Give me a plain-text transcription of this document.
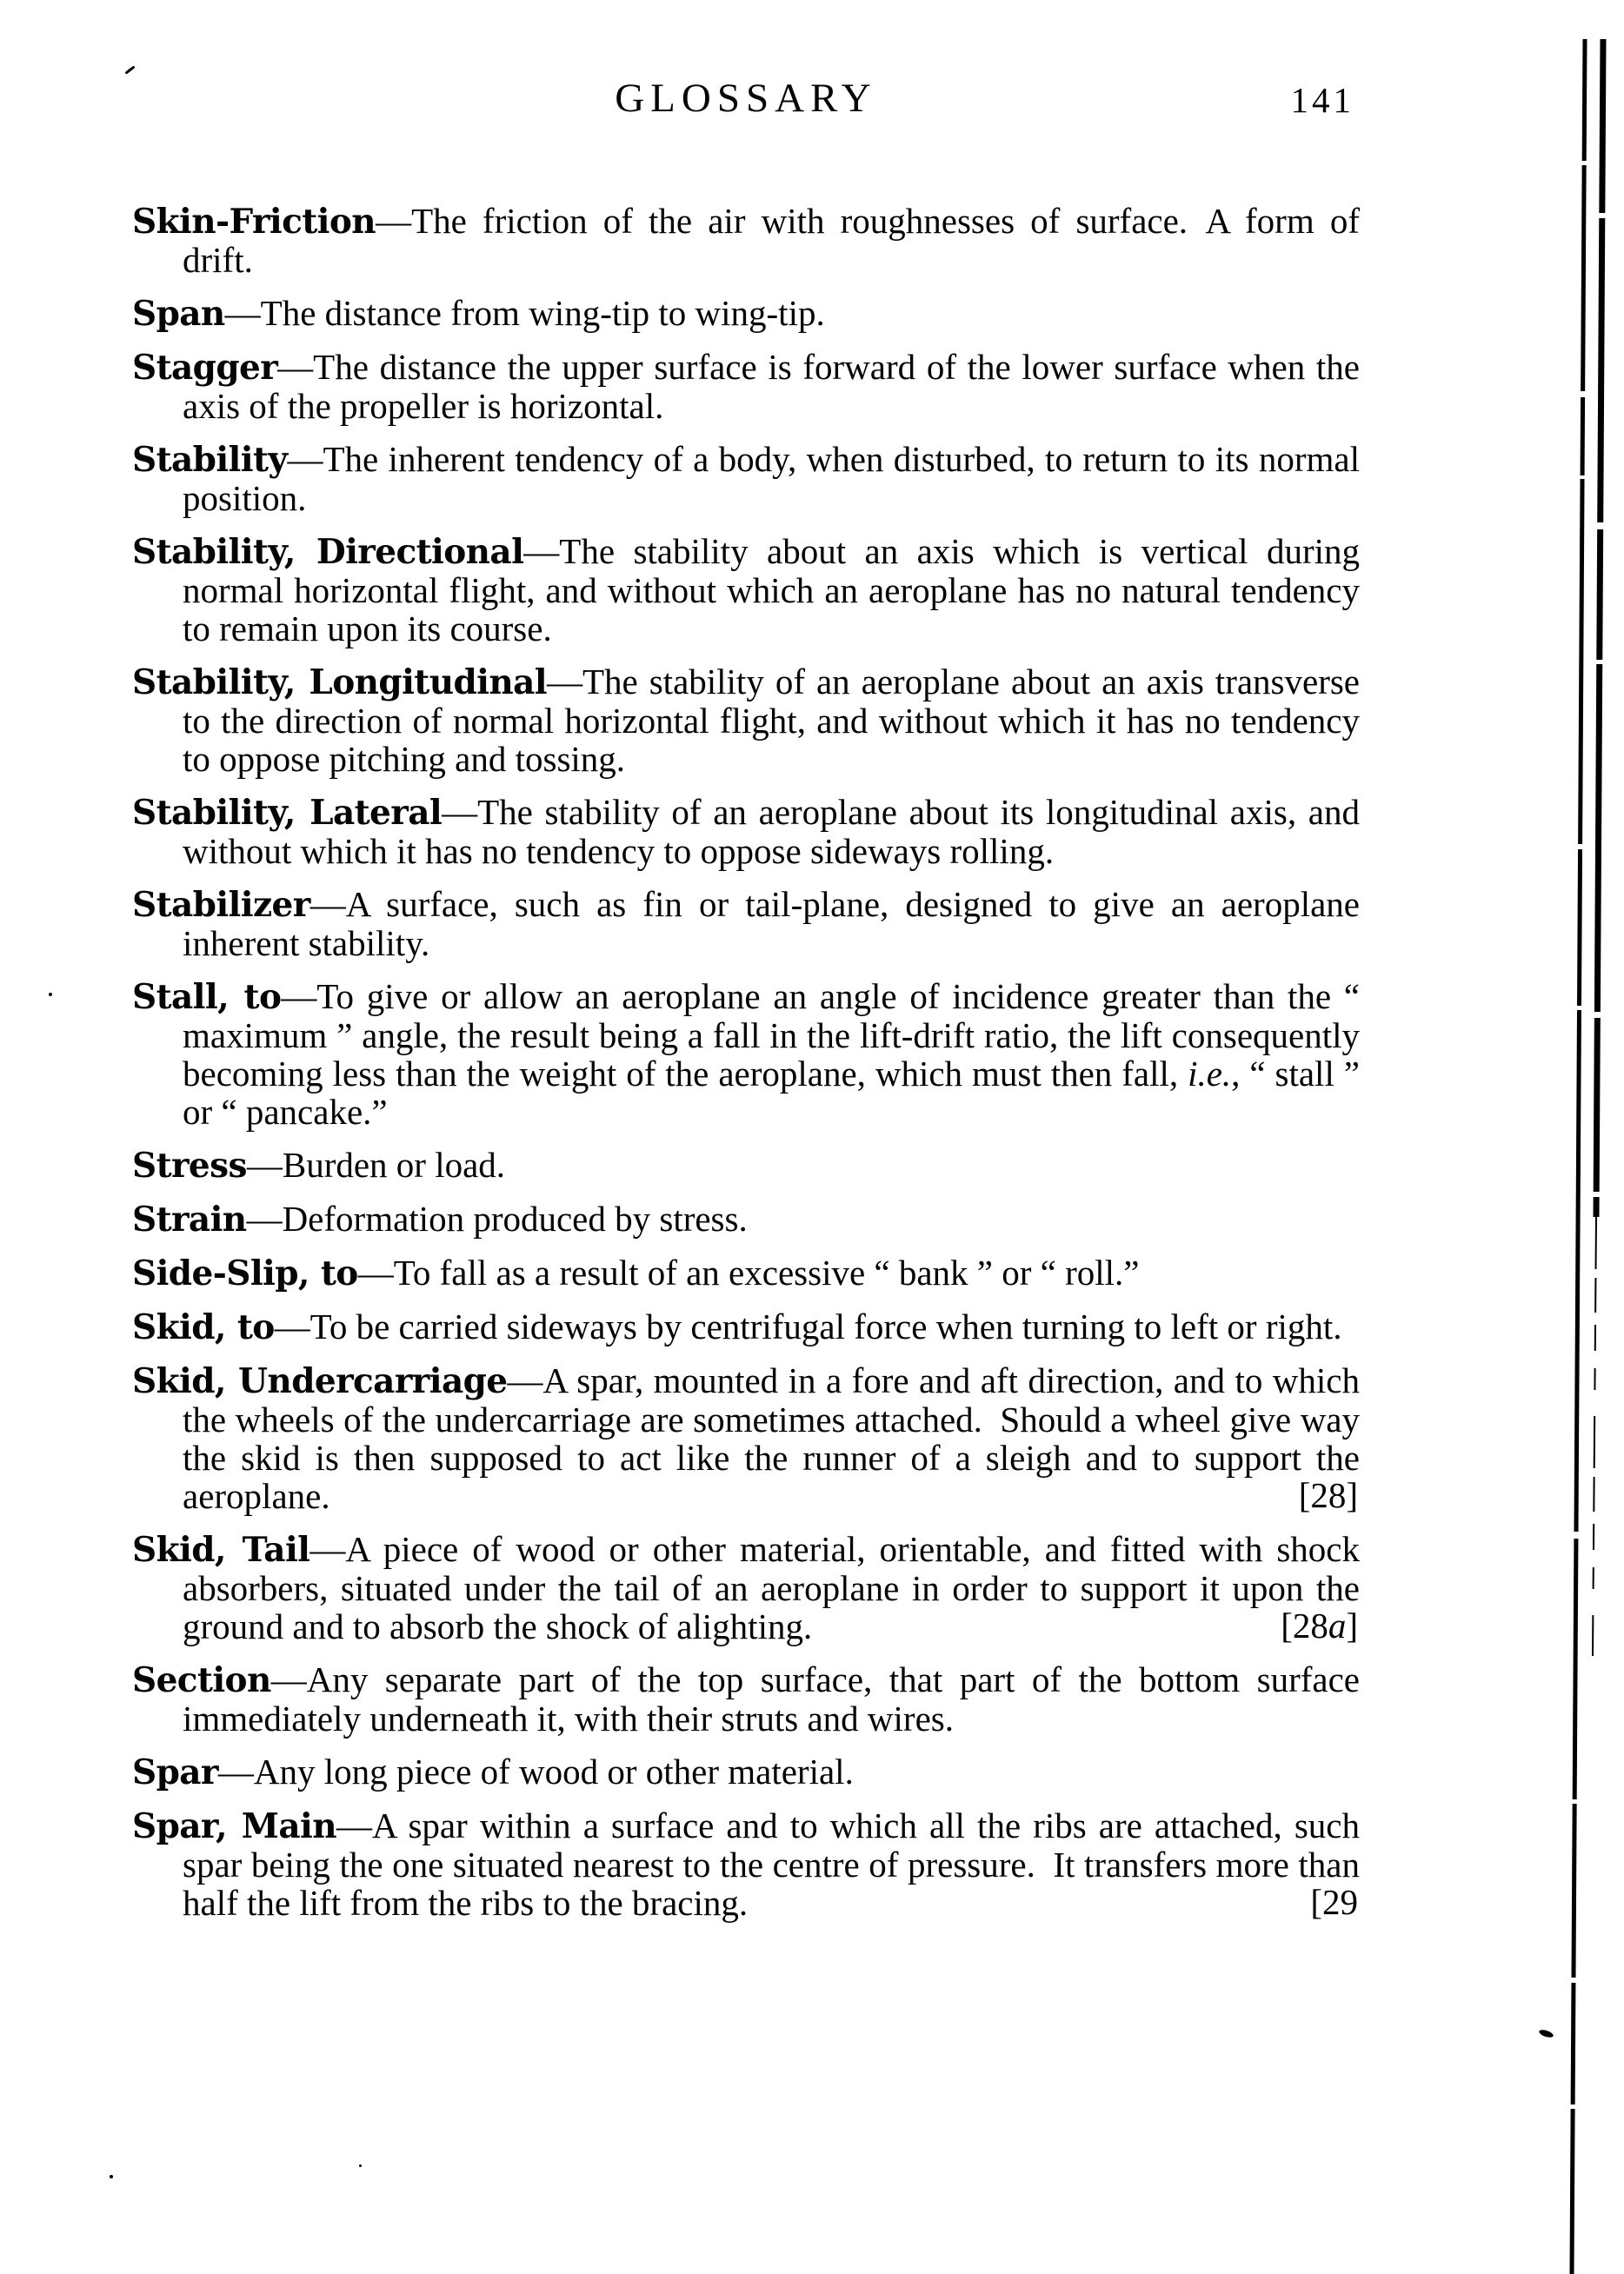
GLOSSARY	141

Skin-Friction—The friction of the air with roughnesses of surface. A form of drift.

Span—The distance from wing-tip to wing-tip.

Stagger—The distance the upper surface is forward of the lower surface when the axis of the propeller is horizontal.

Stability—The inherent tendency of a body, when disturbed, to return to its normal position.

Stability, Directional—The stability about an axis which is vertical during normal horizontal flight, and without which an aeroplane has no natural tendency to remain upon its course.

Stability, Longitudinal—The stability of an aeroplane about an axis transverse to the direction of normal horizontal flight, and without which it has no tendency to oppose pitching and tossing.

Stability, Lateral—The stability of an aeroplane about its longitudinal axis, and without which it has no tendency to oppose sideways rolling.

Stabilizer—A surface, such as fin or tail-plane, designed to give an aeroplane inherent stability.

Stall, to—To give or allow an aeroplane an angle of incidence greater than the “ maximum ” angle, the result being a fall in the lift-drift ratio, the lift consequently becoming less than the weight of the aeroplane, which must then fall, i.e., “ stall ” or “ pancake.”

Stress—Burden or load.

Strain—Deformation produced by stress.

Side-Slip, to—To fall as a result of an excessive “ bank ” or “ roll.”

Skid, to—To be carried sideways by centrifugal force when turning to left or right.

Skid, Undercarriage—A spar, mounted in a fore and aft direction, and to which the wheels of the undercarriage are sometimes attached. Should a wheel give way the skid is then supposed to act like the runner of a sleigh and to support the aeroplane.	[28]

Skid, Tail—A piece of wood or other material, orientable, and fitted with shock absorbers, situated under the tail of an aeroplane in order to support it upon the ground and to absorb the shock of alighting.	[28a]

Section—Any separate part of the top surface, that part of the bottom surface immediately underneath it, with their struts and wires.

Spar—Any long piece of wood or other material.

Spar, Main—A spar within a surface and to which all the ribs are attached, such spar being the one situated nearest to the centre of pressure. It transfers more than half the lift from the ribs to the bracing.	[29
